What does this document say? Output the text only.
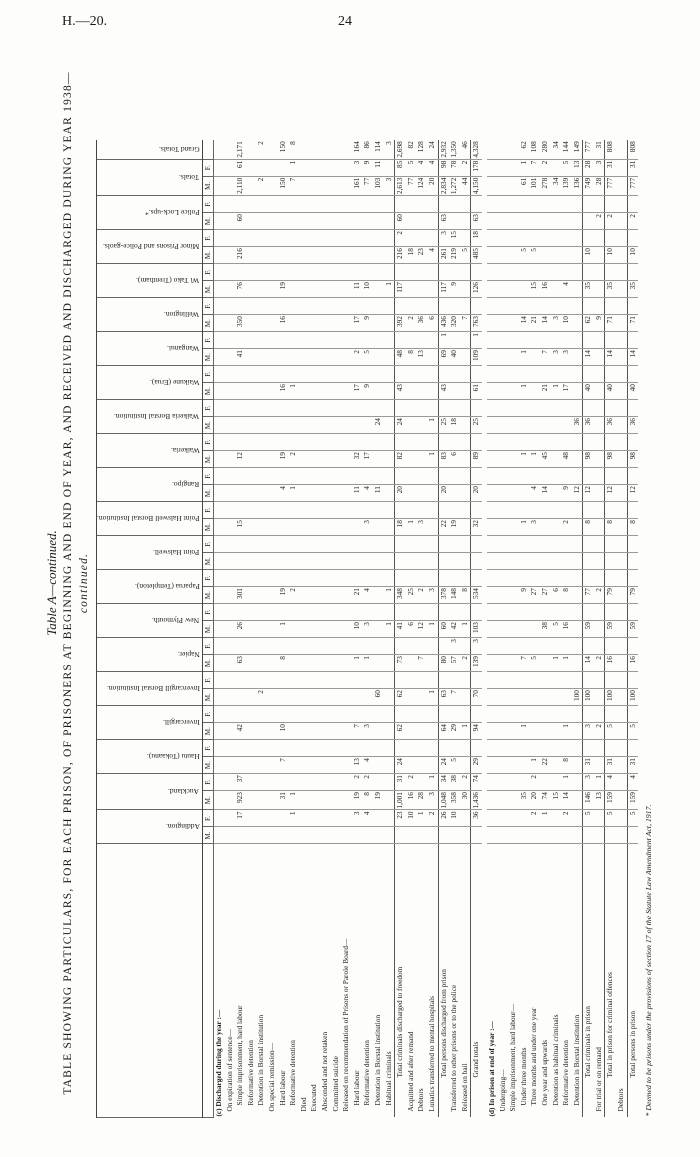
H.—20.	24
Table A—continued. TABLE SHOWING PARTICULARS, FOR EACH PRISON, OF PRISONERS AT BEGINNING AND END OF YEAR, AND RECEIVED AND DISCHARGED DURING YEAR 1938— continued.
	Addington.		Auckland.		Hautu (Tokaanu).		Invercargill.		Invercargill Borstal Institution.		Napier.		New Plymouth.		Paparua (Templeton).		Point Halswell.		Point Halswell Borstal Institution.		Rangipo.		Waikeria.		Waikeria Borstal Institution.		Waikune (Erua).		Wanganui.		Wellington.		Wi Tako (Trentham).		Minor Prisons and Police-gaols.		Police Lock-ups.*		Totals.		Grand Totals.
	M.	F.	M.	F.	M.	F.	M.	F.	M.	F.	M.	F.	M.	F.	M.	F.	M.	F.	M.	F.	M.	F.	M.	F.	M.	F.	M.	F.	M.	F.	M.	F.	M.	F.	M.	F.	M.	F.	M.	F.	
(c) Discharged during the year :—																																									
On expiration of sentence—																																									
Simple imprisonment, hard labour		17	923	37			42				63		26		301				15				12						41		350		76		216		60		2,110	61	2,171
Reformative detention																																									
Detention in Borstal institution									2																														2		2
On special remission—																																									
Hard labour			31		7		10				8		1		19						4		19				16				16		19						150		150
Reformative detention		1	1												2						1		2				1												7	1	8
Died																																									
Executed																																									
Absconded and not retaken																																									
Committed suicide																																									
Released on recommendation of Prisons or Parole Board—																																									
Hard labour		3	19	2	13		7				1		10		21						11		32				17		2		17		11						161	3	164
Reformative detention		4	8	2	4		3				1		3		4				3		4		17				9		5		9		10						77	9	86
Detention in Borstal institution			19						60												11				24														103	11	114
Habitual criminals													1		1																		1						3		3
Total criminals discharged to freedom		23	1,001	31	24		62		62		73		41		348				18		20		82		24		43		48		392		117		216	2	60		2,613	85	2,698
Acquitted and after remand		10	16	2									6		25				1										8		2				18				77	5	82
Debtors		1	28								7		12		2				3										13		36				23				124	4	128
Lunatics transferred to mental hospitals		2	3	1					1				1		3								1		1						6				4				20	4	24
Total persons discharged from prison		26	1,048	34	24		64		63		80		60		378				22		20		83		25		43		69	1	436		117		261	3	63		2,834	98	2,932
Transferred to other prisons or to the police		10	358	38	5		29		7		57	3	42		148				19				6		18				40		320		9		219	15			1,272	78	1,350
Released on bail			30	2			1				2		1		8																7				5				44	2	46
Grand totals		36	1,436	74	29		94		70		139	3	103		534				32		20		89		25		61		109	1	763		126		485	18	63		4,150	178	4,328

(d) In prison at end of year :—																																									
Undergoing—																																									
Simple imprisonment, hard labour—																																									
Under three months			35				1				7				9				1				1				1		1		14				5				61	1	62
Three months and under one year		2	20	2	1						5				27				3		4		1								21		15		5				101	7	108
One year and upwards		1	74		22								38		27						14		45				21		7		14		16						278	2	280
Detention as habitual criminals			15								1		5		6												1		3		3								34		34
Reformative detention		2	14	1	8		1				1		16		8				2		9		48				17		3		10		4						139	5	144
Detention in Borstal institution									100												12				36														136	13	149
Total criminals in prison		5	146	3	31		3		100		14		59		77				8		12		98		36		40		14		62		35		10				749	28	777
For trial or on remand			13	1			2				2				2																9						2		28	3	31
Total in prison for criminal offences		5	159	4	31		5		100		16		59		79				8		12		98		36		40		14		71		35		10		2		777	31	808
Debtors																																									
Total persons in prison		5	159	4	31		5		100		16		59		79				8		12		98		36		40		14		71		35		10		2		777	31	808
* Deemed to be prisons under the provisions of section 17 of the Statute Law Amendment Act, 1917.																																									
